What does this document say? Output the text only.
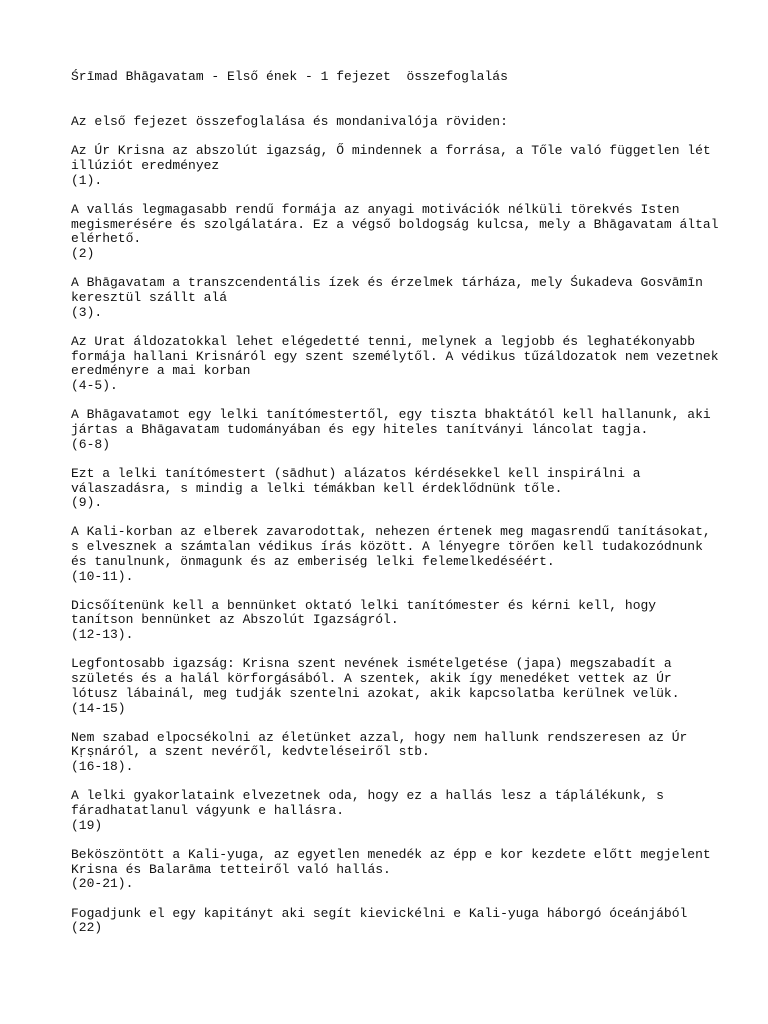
Śrīmad Bhāgavatam - Első ének - 1 fejezet  összefoglalás
Az első fejezet összefoglalása és mondanivalója röviden:
Az Úr Krisna az abszolút igazság, Ő mindennek a forrása, a Tőle való független lét
illúziót eredményez
(1).
A vallás legmagasabb rendű formája az anyagi motivációk nélküli törekvés Isten
megismerésére és szolgálatára. Ez a végső boldogság kulcsa, mely a Bhāgavatam által
elérhető.
(2)
A Bhāgavatam a transzcendentális ízek és érzelmek tárháza, mely Śukadeva Gosvāmīn
keresztül szállt alá
(3).
Az Urat áldozatokkal lehet elégedetté tenni, melynek a legjobb és leghatékonyabb
formája hallani Krisnáról egy szent személytől. A védikus tűzáldozatok nem vezetnek
eredményre a mai korban
(4-5).
A Bhāgavatamot egy lelki tanítómestertől, egy tiszta bhaktától kell hallanunk, aki
jártas a Bhāgavatam tudományában és egy hiteles tanítványi láncolat tagja.
(6-8)
Ezt a lelki tanítómestert (sādhut) alázatos kérdésekkel kell inspirálni a
válaszadásra, s mindig a lelki témákban kell érdeklődnünk tőle.
(9).
A Kali-korban az elberek zavarodottak, nehezen értenek meg magasrendű tanításokat,
s elvesznek a számtalan védikus írás között. A lényegre törően kell tudakozódnunk
és tanulnunk, önmagunk és az emberiség lelki felemelkedéséért.
(10-11).
Dicsőítenünk kell a bennünket oktató lelki tanítómester és kérni kell, hogy
tanítson bennünket az Abszolút Igazságról.
(12-13).
Legfontosabb igazság: Krisna szent nevének ismételgetése (japa) megszabadít a
születés és a halál körforgásából. A szentek, akik így menedéket vettek az Úr
lótusz lábainál, meg tudják szentelni azokat, akik kapcsolatba kerülnek velük.
(14-15)
Nem szabad elpocsékolni az életünket azzal, hogy nem hallunk rendszeresen az Úr
Kṛṣnáról, a szent nevéről, kedvteléseiről stb.
(16-18).
A lelki gyakorlataink elvezetnek oda, hogy ez a hallás lesz a táplálékunk, s
fáradhatatlanul vágyunk e hallásra.
(19)
Beköszöntött a Kali-yuga, az egyetlen menedék az épp e kor kezdete előtt megjelent
Krisna és Balarāma tetteiről való hallás.
(20-21).
Fogadjunk el egy kapitányt aki segít kievickélni e Kali-yuga háborgó óceánjából
(22)
